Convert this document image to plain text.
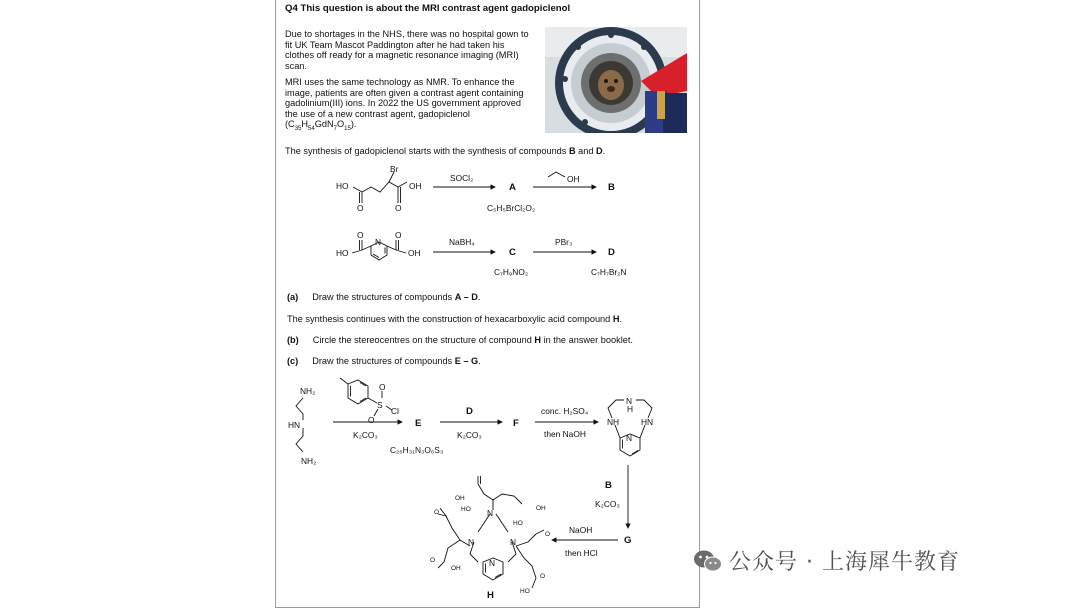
Q4 This question is about the MRI contrast agent gadopiclenol
Due to shortages in the NHS, there was no hospital gown to fit UK Team Mascot Paddington after he had taken his clothes off ready for a magnetic resonance imaging (MRI) scan.
MRI uses the same technology as NMR. To enhance the image, patients are often given a contrast agent containing gadolinium(III) ions. In 2022 the US government approved the use of a new contrast agent, gadopiclenol $(C_{35}H_{54}GdN_7O_{15})$.
The synthesis of gadopiclenol starts with the synthesis of compounds B and D.
(a) Draw the structures of compounds A – D.
The synthesis continues with the construction of hexacarboxylic acid compound H.
(b) Circle the stereocentres on the structure of compound H in the answer booklet.
(c) Draw the structures of compounds E – G.
Br
HO	OH
O	O
SOCl₂
A
C₅H₅BrCl₂O₂
OH
B
N
HO	OH
O	O
NaBH₄
C
C₇H₉NO₂
PBr₃
D
C₇H₇Br₂N
NH₂
HN
NH₂
S
O
O
Cl
K₂CO₃
E
C₂₅H₃₁N₃O₆S₃
D
K₂CO₃
F
conc. H₂SO₄
then NaOH
N
H
NH	HN
N
B
K₂CO₃
G
NaOH
then HCl
N
N	N
N
OH
HO	OH
O
HO
O
O
OH
O
HO
H
公众号 · 上海犀牛教育
